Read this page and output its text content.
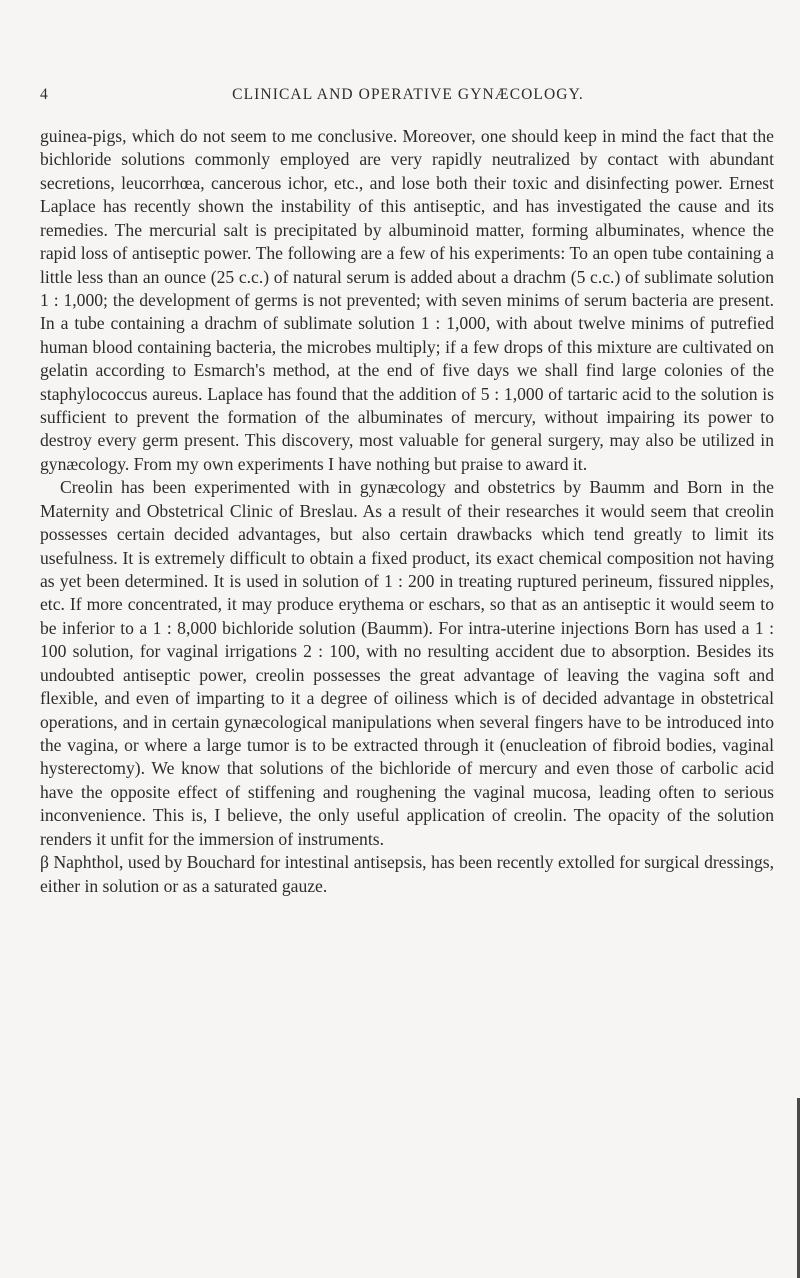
4	CLINICAL AND OPERATIVE GYNÆCOLOGY.

guinea-pigs, which do not seem to me conclusive. Moreover, one should keep in mind the fact that the bichloride solutions commonly employed are very rapidly neutralized by contact with abundant secretions, leucorrhœa, cancerous ichor, etc., and lose both their toxic and disinfecting power. Ernest Laplace has recently shown the instability of this antiseptic, and has investigated the cause and its remedies. The mercurial salt is precipitated by albuminoid matter, forming albuminates, whence the rapid loss of antiseptic power. The following are a few of his experiments: To an open tube containing a little less than an ounce (25 c.c.) of natural serum is added about a drachm (5 c.c.) of sublimate solution 1 : 1,000; the development of germs is not prevented; with seven minims of serum bacteria are present. In a tube containing a drachm of sublimate solution 1 : 1,000, with about twelve minims of putrefied human blood containing bacteria, the microbes multiply; if a few drops of this mixture are cultivated on gelatin according to Esmarch's method, at the end of five days we shall find large colonies of the staphylococcus aureus. Laplace has found that the addition of 5 : 1,000 of tartaric acid to the solution is sufficient to prevent the formation of the albuminates of mercury, without impairing its power to destroy every germ present. This discovery, most valuable for general surgery, may also be utilized in gynæcology. From my own experiments I have nothing but praise to award it.

Creolin has been experimented with in gynæcology and obstetrics by Baumm and Born in the Maternity and Obstetrical Clinic of Breslau. As a result of their researches it would seem that creolin possesses certain decided advantages, but also certain drawbacks which tend greatly to limit its usefulness. It is extremely difficult to obtain a fixed product, its exact chemical composition not having as yet been determined. It is used in solution of 1 : 200 in treating ruptured perineum, fissured nipples, etc. If more concentrated, it may produce erythema or eschars, so that as an antiseptic it would seem to be inferior to a 1 : 8,000 bichloride solution (Baumm). For intra-uterine injections Born has used a 1 : 100 solution, for vaginal irrigations 2 : 100, with no resulting accident due to absorption. Besides its undoubted antiseptic power, creolin possesses the great advantage of leaving the vagina soft and flexible, and even of imparting to it a degree of oiliness which is of decided advantage in obstetrical operations, and in certain gynæcological manipulations when several fingers have to be introduced into the vagina, or where a large tumor is to be extracted through it (enucleation of fibroid bodies, vaginal hysterectomy). We know that solutions of the bichloride of mercury and even those of carbolic acid have the opposite effect of stiffening and roughening the vaginal mucosa, leading often to serious inconvenience. This is, I believe, the only useful application of creolin. The opacity of the solution renders it unfit for the immersion of instruments.

β Naphthol, used by Bouchard for intestinal antisepsis, has been recently extolled for surgical dressings, either in solution or as a saturated gauze.
